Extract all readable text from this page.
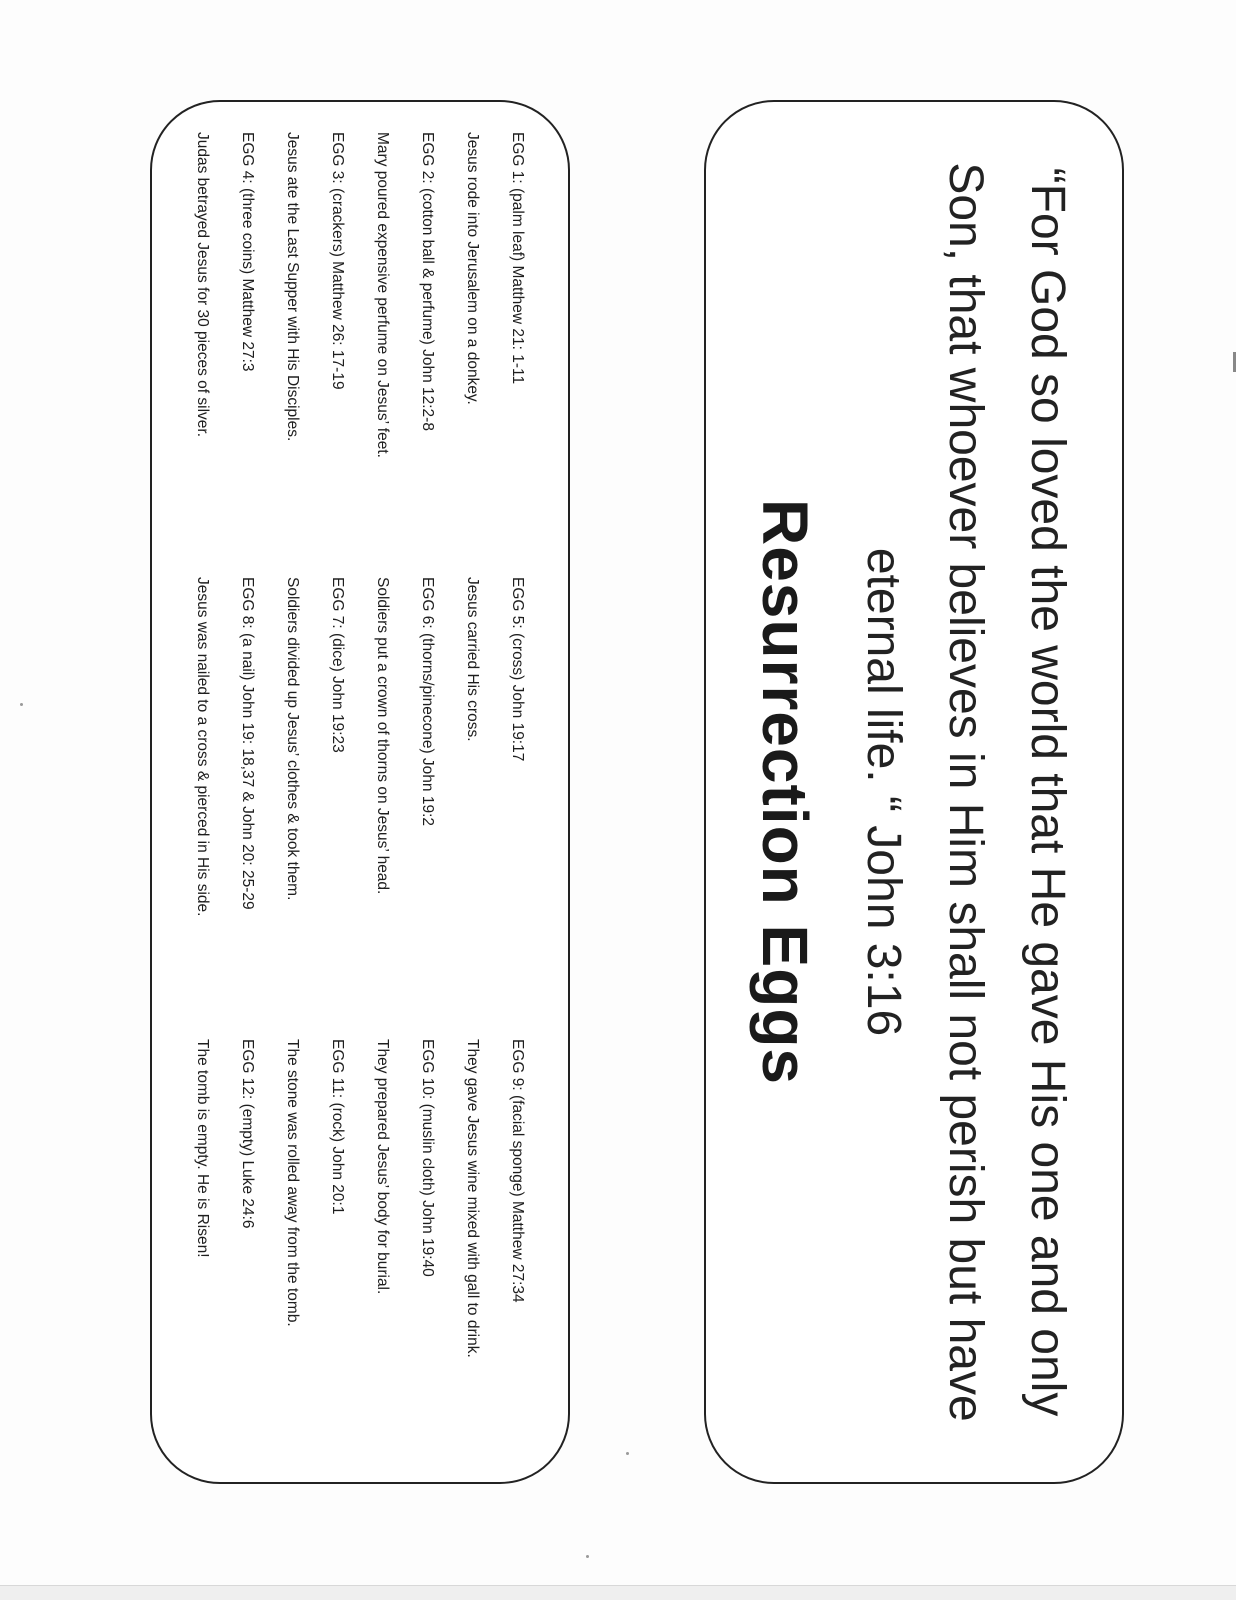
“For God so loved the world that He gave His one and only Son, that whoever believes in Him shall not perish but have eternal life. “ John 3:16
Resurrection Eggs
EGG 1: (palm leaf) Matthew 21: 1-11
Jesus rode into Jerusalem on a donkey.
EGG 2: (cotton ball & perfume) John 12:2-8
Mary poured expensive perfume on Jesus’ feet.
EGG 3: (crackers) Matthew 26: 17-19
Jesus ate the Last Supper with His Disciples.
EGG 4: (three coins) Matthew 27:3
Judas betrayed Jesus for 30 pieces of silver.
EGG 5: (cross) John 19:17
Jesus carried His cross.
EGG 6: (thorns/pinecone) John 19:2
Soldiers put a crown of thorns on Jesus’ head.
EGG 7: (dice) John 19:23
Soldiers divided up Jesus’ clothes & took them.
EGG 8: (a nail) John 19: 18,37 & John 20: 25-29
Jesus was nailed to a cross & pierced in His side.
EGG 9: (facial sponge) Matthew 27:34
They gave Jesus wine mixed with gall to drink.
EGG 10: (muslin cloth) John 19:40
They prepared Jesus’ body for burial.
EGG 11: (rock) John 20:1
The stone was rolled away from the tomb.
EGG 12: (empty) Luke 24:6
The tomb is empty. He is Risen!
